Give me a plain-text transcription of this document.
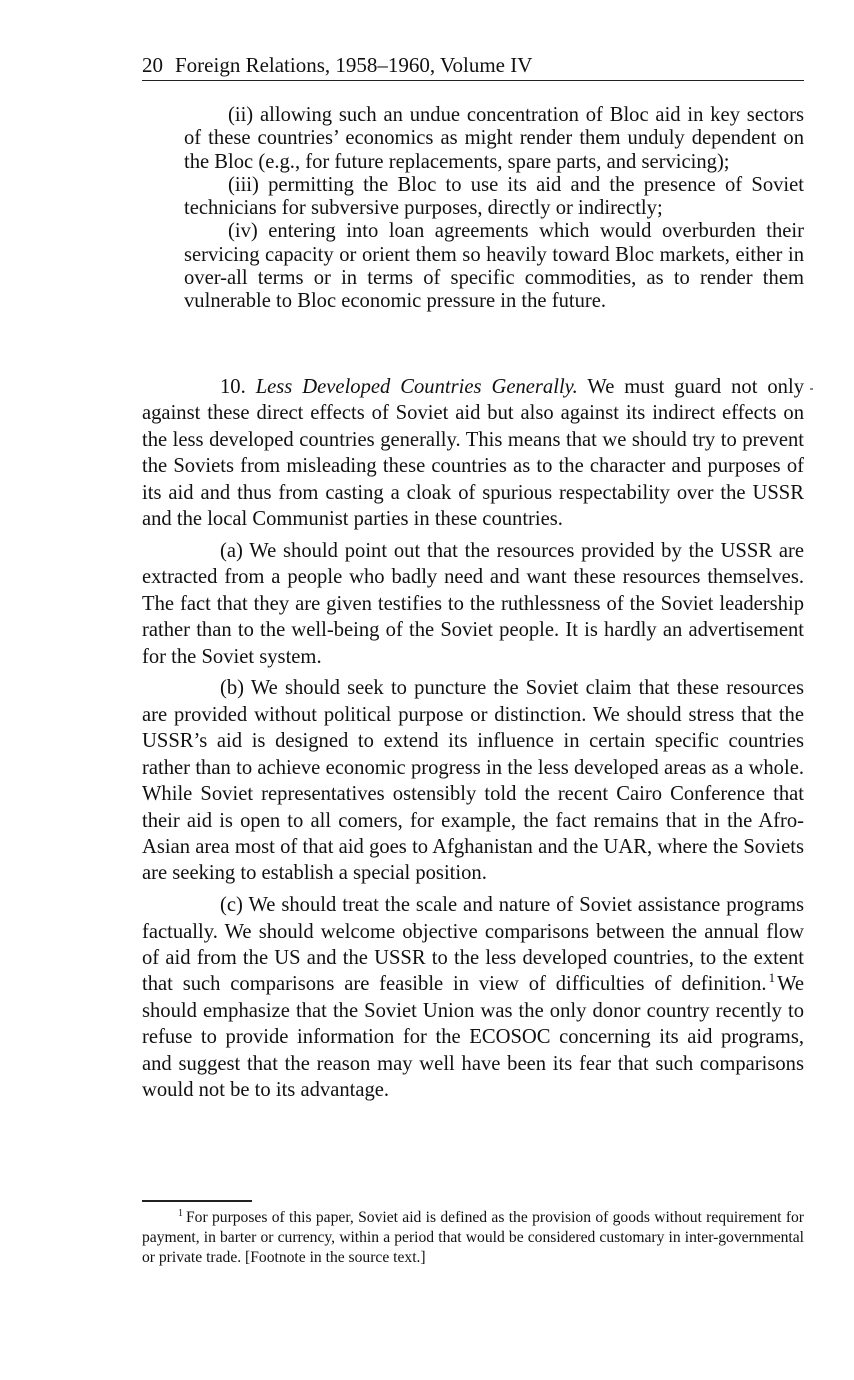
20 Foreign Relations, 1958–1960, Volume IV

(ii) allowing such an undue concentration of Bloc aid in key sectors of these countries’ economics as might render them unduly dependent on the Bloc (e.g., for future replacements, spare parts, and servicing);

(iii) permitting the Bloc to use its aid and the presence of Soviet technicians for subversive purposes, directly or indirectly;

(iv) entering into loan agreements which would overburden their servicing capacity or orient them so heavily toward Bloc markets, either in over-all terms or in terms of specific commodities, as to render them vulnerable to Bloc economic pressure in the future.

10. Less Developed Countries Generally. We must guard not only against these direct effects of Soviet aid but also against its indirect effects on the less developed countries generally. This means that we should try to prevent the Soviets from misleading these countries as to the character and purposes of its aid and thus from casting a cloak of spurious respectability over the USSR and the local Communist parties in these countries.

(a) We should point out that the resources provided by the USSR are extracted from a people who badly need and want these resources themselves. The fact that they are given testifies to the ruthlessness of the Soviet leadership rather than to the well-being of the Soviet people. It is hardly an advertisement for the Soviet system.

(b) We should seek to puncture the Soviet claim that these resources are provided without political purpose or distinction. We should stress that the USSR’s aid is designed to extend its influence in certain specific countries rather than to achieve economic progress in the less developed areas as a whole. While Soviet representatives ostensibly told the recent Cairo Conference that their aid is open to all comers, for example, the fact remains that in the Afro-Asian area most of that aid goes to Afghanistan and the UAR, where the Soviets are seeking to establish a special position.

(c) We should treat the scale and nature of Soviet assistance programs factually. We should welcome objective comparisons between the annual flow of aid from the US and the USSR to the less developed countries, to the extent that such comparisons are feasible in view of difficulties of definition. $^1$We should emphasize that the Soviet Union was the only donor country recently to refuse to provide information for the ECOSOC concerning its aid programs, and suggest that the reason may well have been its fear that such comparisons would not be to its advantage.

$^1$ For purposes of this paper, Soviet aid is defined as the provision of goods without requirement for payment, in barter or currency, within a period that would be considered customary in inter-governmental or private trade. [Footnote in the source text.]
